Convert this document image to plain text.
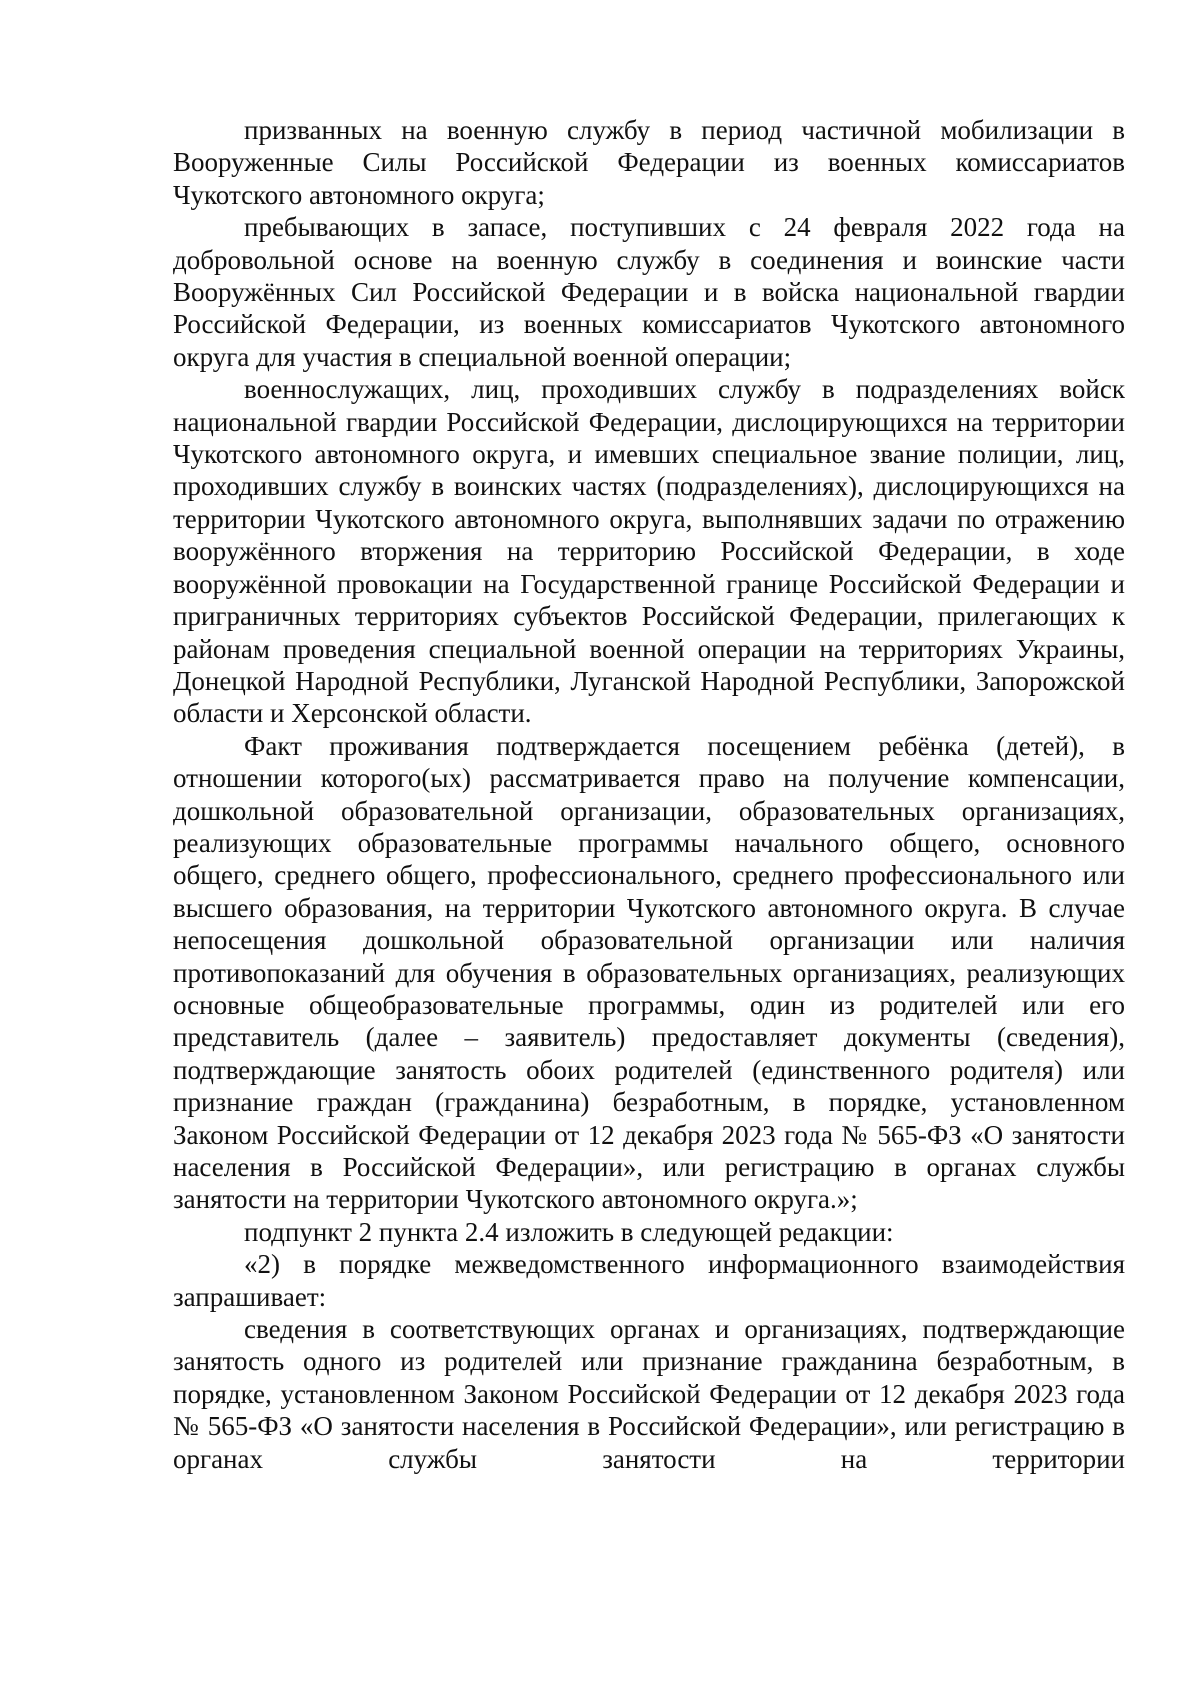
призванных на военную службу в период частичной мобилизации в Вооруженные Силы Российской Федерации из военных комиссариатов Чукотского автономного округа;

пребывающих в запасе, поступивших с 24 февраля 2022 года на добровольной основе на военную службу в соединения и воинские части Вооружённых Сил Российской Федерации и в войска национальной гвардии Российской Федерации, из военных комиссариатов Чукотского автономного округа для участия в специальной военной операции;

военнослужащих, лиц, проходивших службу в подразделениях войск национальной гвардии Российской Федерации, дислоцирующихся на территории Чукотского автономного округа, и имевших специальное звание полиции, лиц, проходивших службу в воинских частях (подразделениях), дислоцирующихся на территории Чукотского автономного округа, выполнявших задачи по отражению вооружённого вторжения на территорию Российской Федерации, в ходе вооружённой провокации на Государственной границе Российской Федерации и приграничных территориях субъектов Российской Федерации, прилегающих к районам проведения специальной военной операции на территориях Украины, Донецкой Народной Республики, Луганской Народной Республики, Запорожской области и Херсонской области.

Факт проживания подтверждается посещением ребёнка (детей), в отношении которого(ых) рассматривается право на получение компенсации, дошкольной образовательной организации, образовательных организациях, реализующих образовательные программы начального общего, основного общего, среднего общего, профессионального, среднего профессионального или высшего образования, на территории Чукотского автономного округа. В случае непосещения дошкольной образовательной организации или наличия противопоказаний для обучения в образовательных организациях, реализующих основные общеобразовательные программы, один из родителей или его представитель (далее – заявитель) предоставляет документы (сведения), подтверждающие занятость обоих родителей (единственного родителя) или признание граждан (гражданина) безработным, в порядке, установленном Законом Российской Федерации от 12 декабря 2023 года № 565-ФЗ «О занятости населения в Российской Федерации», или регистрацию в органах службы занятости на территории Чукотского автономного округа.»;

подпункт 2 пункта 2.4 изложить в следующей редакции:

«2) в порядке межведомственного информационного взаимодействия запрашивает:

сведения в соответствующих органах и организациях, подтверждающие занятость одного из родителей или признание гражданина безработным, в порядке, установленном Законом Российской Федерации от 12 декабря 2023 года № 565-ФЗ «О занятости населения в Российской Федерации», или регистрацию в органах службы занятости на территории
